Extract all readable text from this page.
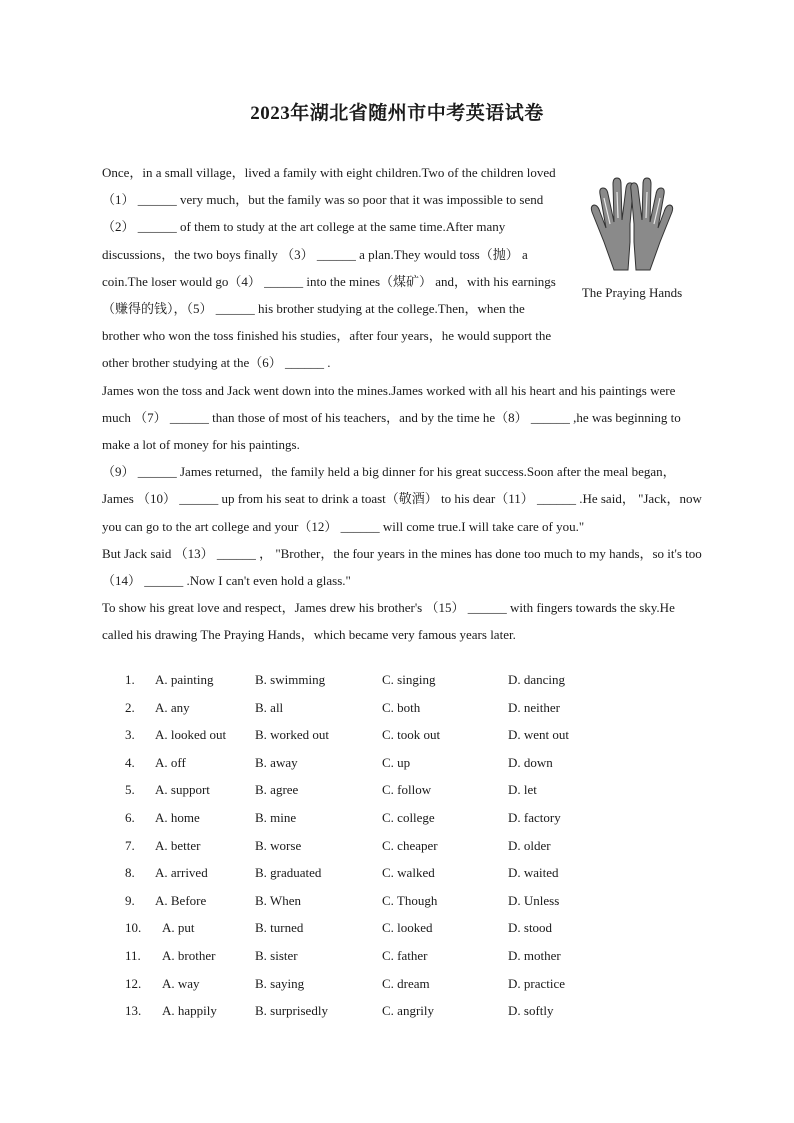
2023年湖北省随州市中考英语试卷
The Praying Hands

Once，in a small village，lived a family with eight children.Two of the children loved （1） ______ very much，but the family was so poor that it was impossible to send （2） ______ of them to study at the art college at the same time.After many discussions，the two boys finally （3） ______ a plan.They would toss（抛） a coin.The loser would go（4） ______ into the mines（煤矿） and，with his earnings（赚得的钱），（5） ______ his brother studying at the college.Then，when the brother who won the toss finished his studies，after four years，he would support the other brother studying at the（6） ______ .

James won the toss and Jack went down into the mines.James worked with all his heart and his paintings were much （7） ______ than those of most of his teachers，and by the time he（8） ______ ,he was beginning to make a lot of money for his paintings.

（9） ______ James returned，the family held a big dinner for his great success.Soon after the meal began，James （10） ______ up from his seat to drink a toast（敬酒） to his dear（11） ______ .He said， "Jack，now you can go to the art college and your（12） ______ will come true.I will take care of you."

But Jack said （13） ______ ， "Brother，the four years in the mines has done too much to my hands，so it's too （14） ______ .Now I can't even hold a glass."

To show his great love and respect，James drew his brother's （15） ______ with fingers towards the sky.He called his drawing The Praying Hands，which became very famous years later.

1. A. painting	B. swimming	C. singing	D. dancing
2. A. any	B. all	C. both	D. neither
3. A. looked out B. worked out	C. took out	D. went out
4. A. off	B. away	C. up	D. down
5. A. support	B. agree	C. follow	D. let
6. A. home	B. mine	C. college	D. factory
7. A. better	B. worse	C. cheaper	D. older
8. A. arrived	B. graduated	C. walked	D. waited
9. A. Before	B. When	C. Though	D. Unless
10. A. put	B. turned	C. looked	D. stood
11. A. brother	B. sister	C. father	D. mother
12. A. way	B. saying	C. dream	D. practice
13. A. happily	B. surprisedly	C. angrily	D. softly
